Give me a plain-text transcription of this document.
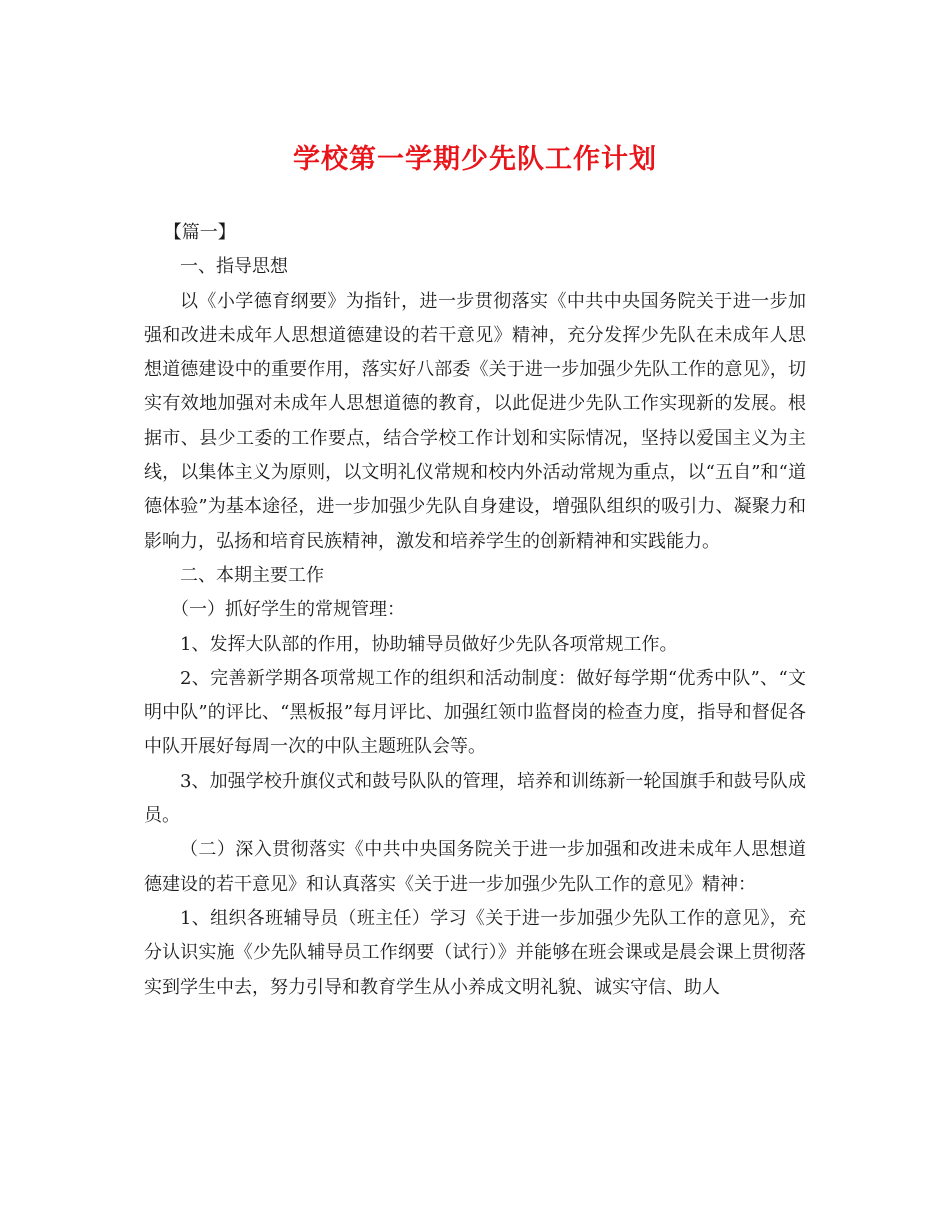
学校第一学期少先队工作计划

【篇一】

一、指导思想

以《小学德育纲要》为指针，进一步贯彻落实《中共中央国务院关于进一步加强和改进未成年人思想道德建设的若干意见》精神，充分发挥少先队在未成年人思想道德建设中的重要作用，落实好八部委《关于进一步加强少先队工作的意见》，切实有效地加强对未成年人思想道德的教育，以此促进少先队工作实现新的发展。根据市、县少工委的工作要点，结合学校工作计划和实际情况，坚持以爱国主义为主线，以集体主义为原则，以文明礼仪常规和校内外活动常规为重点，以“五自”和“道德体验”为基本途径，进一步加强少先队自身建设，增强队组织的吸引力、凝聚力和影响力，弘扬和培育民族精神，激发和培养学生的创新精神和实践能力。

二、本期主要工作

（一）抓好学生的常规管理：

1、发挥大队部的作用，协助辅导员做好少先队各项常规工作。

2、完善新学期各项常规工作的组织和活动制度：做好每学期“优秀中队”、“文明中队”的评比、“黑板报”每月评比、加强红领巾监督岗的检查力度，指导和督促各中队开展好每周一次的中队主题班队会等。

3、加强学校升旗仪式和鼓号队队的管理，培养和训练新一轮国旗手和鼓号队成员。

（二）深入贯彻落实《中共中央国务院关于进一步加强和改进未成年人思想道德建设的若干意见》和认真落实《关于进一步加强少先队工作的意见》精神：

1、组织各班辅导员（班主任）学习《关于进一步加强少先队工作的意见》，充分认识实施《少先队辅导员工作纲要（试行）》并能够在班会课或是晨会课上贯彻落实到学生中去，努力引导和教育学生从小养成文明礼貌、诚实守信、助人
